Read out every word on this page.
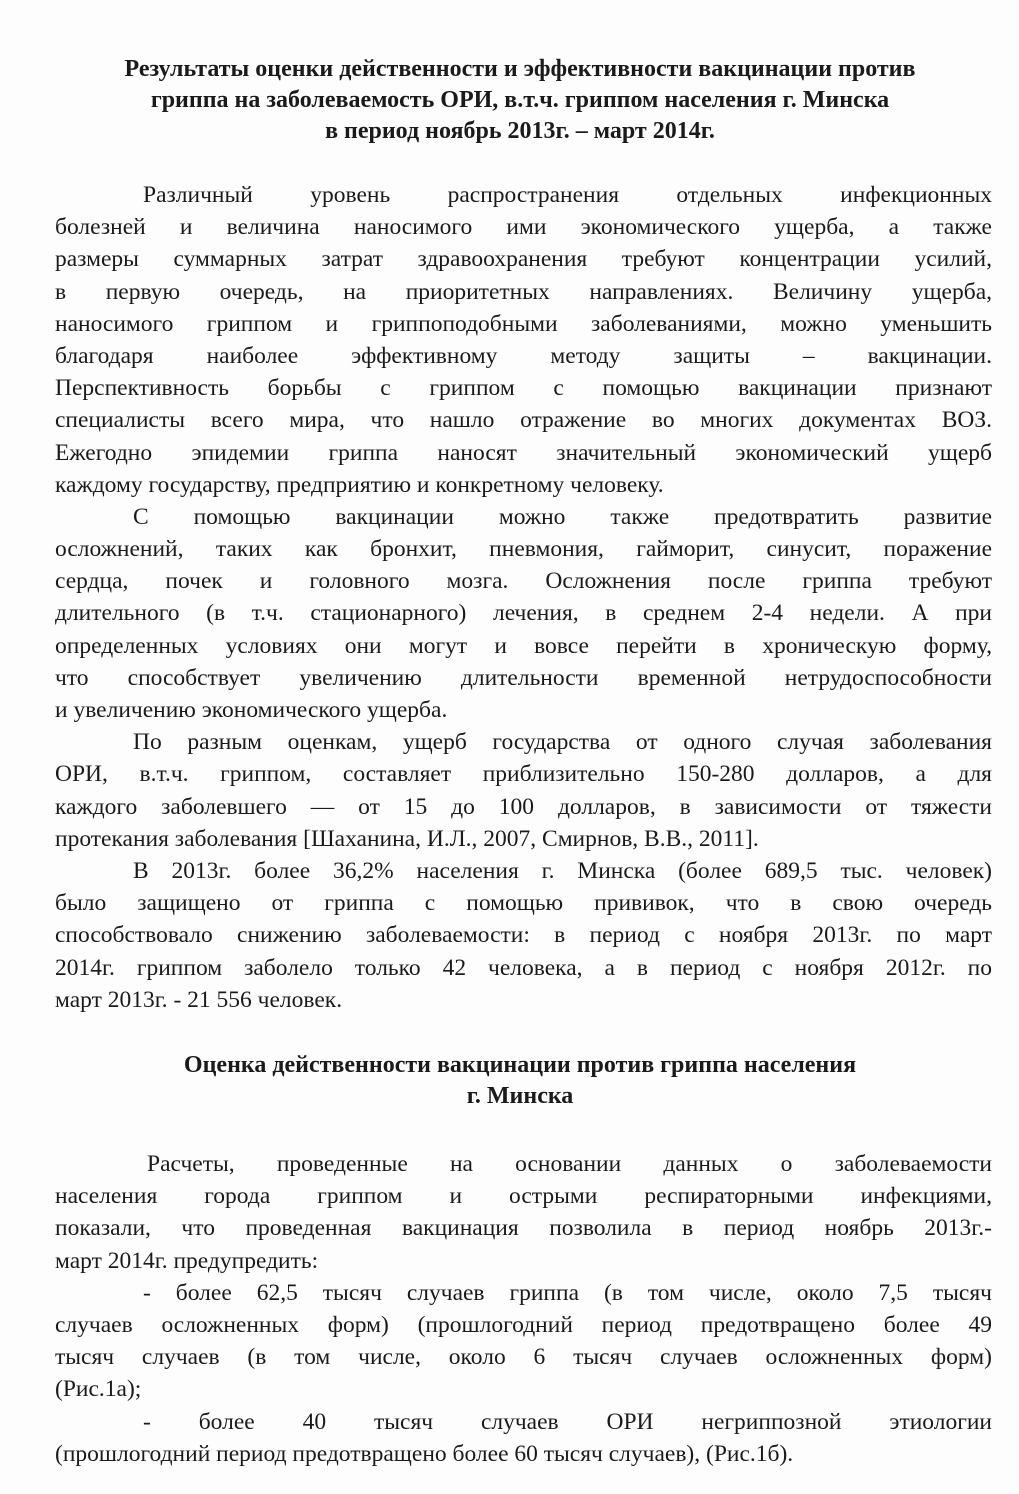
Результаты оценки действенности и эффективности вакцинации против
гриппа на заболеваемость ОРИ, в.т.ч. гриппом населения г. Минска
в период ноябрь 2013г. – март 2014г.
Различный уровень распространения отдельных инфекционных
болезней и величина наносимого ими экономического ущерба, а также
размеры суммарных затрат здравоохранения требуют концентрации усилий,
в первую очередь, на приоритетных направлениях. Величину ущерба,
наносимого гриппом и гриппоподобными заболеваниями, можно уменьшить
благодаря наиболее эффективному методу защиты – вакцинации.
Перспективность борьбы с гриппом с помощью вакцинации признают
специалисты всего мира, что нашло отражение во многих документах ВОЗ.
Ежегодно эпидемии гриппа наносят значительный экономический ущерб
каждому государству, предприятию и конкретному человеку.
С помощью вакцинации можно также предотвратить развитие
осложнений, таких как бронхит, пневмония, гайморит, синусит, поражение
сердца, почек и головного мозга. Осложнения после гриппа требуют
длительного (в т.ч. стационарного) лечения, в среднем 2-4 недели. А при
определенных условиях они могут и вовсе перейти в хроническую форму,
что способствует увеличению длительности временной нетрудоспособности
и увеличению экономического ущерба.
По разным оценкам, ущерб государства от одного случая заболевания
ОРИ, в.т.ч. гриппом, составляет приблизительно 150-280 долларов, а для
каждого заболевшего — от 15 до 100 долларов, в зависимости от тяжести
протекания заболевания [Шаханина, И.Л., 2007, Смирнов, В.В., 2011].
В 2013г. более 36,2% населения г. Минска (более 689,5 тыс. человек)
было защищено от гриппа с помощью прививок, что в свою очередь
способствовало снижению заболеваемости: в период с ноября 2013г. по март
2014г. гриппом заболело только 42 человека, а в период с ноября 2012г. по
март 2013г. - 21 556 человек.
Оценка действенности вакцинации против гриппа населения
г. Минска
Расчеты, проведенные на основании данных о заболеваемости
населения города гриппом и острыми респираторными инфекциями,
показали, что проведенная вакцинация позволила в период ноябрь 2013г.-
март 2014г. предупредить:
- более 62,5 тысяч случаев гриппа (в том числе, около 7,5 тысяч
случаев осложненных форм) (прошлогодний период предотвращено более 49
тысяч случаев (в том числе, около 6 тысяч случаев осложненных форм)
(Рис.1а);
- более 40 тысяч случаев ОРИ негриппозной этиологии
(прошлогодний период предотвращено более 60 тысяч случаев), (Рис.1б).
